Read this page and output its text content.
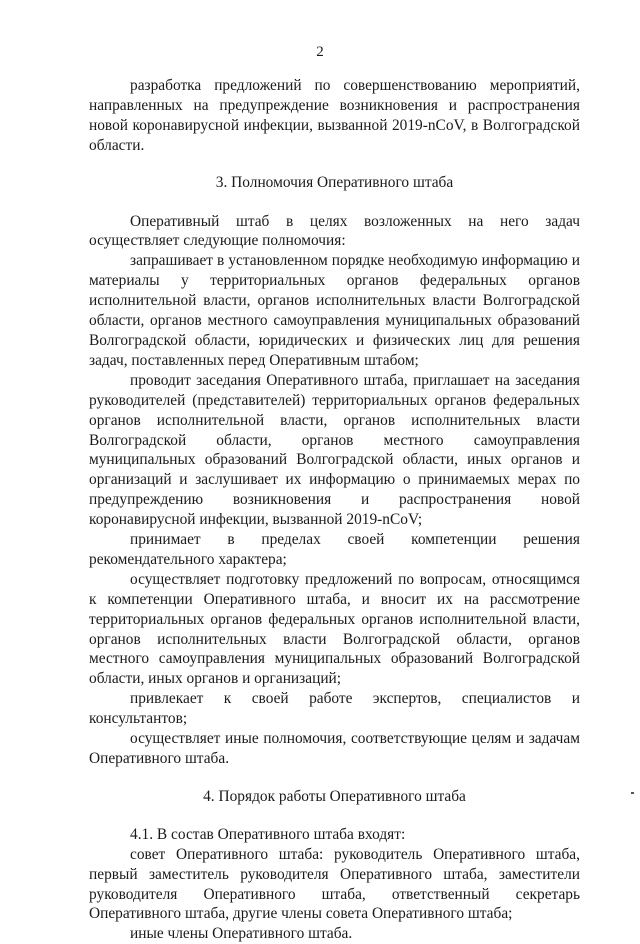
2

разработка предложений по совершенствованию мероприятий, направленных на предупреждение возникновения и распространения новой коронавирусной инфекции, вызванной 2019-nCoV, в Волгоградской области.

3. Полномочия Оперативного штаба

Оперативный штаб в целях возложенных на него задач осуществляет следующие полномочия:

запрашивает в установленном порядке необходимую информацию и материалы у территориальных органов федеральных органов исполнительной власти, органов исполнительных власти Волгоградской области, органов местного самоуправления муниципальных образований Волгоградской области, юридических и физических лиц для решения задач, поставленных перед Оперативным штабом;

проводит заседания Оперативного штаба, приглашает на заседания руководителей (представителей) территориальных органов федеральных органов исполнительной власти, органов исполнительных власти Волгоградской области, органов местного самоуправления муниципальных образований Волгоградской области, иных органов и организаций и заслушивает их информацию о принимаемых мерах по предупреждению возникновения и распространения новой коронавирусной инфекции, вызванной 2019-nCoV;

принимает в пределах своей компетенции решения рекомендательного характера;

осуществляет подготовку предложений по вопросам, относящимся к компетенции Оперативного штаба, и вносит их на рассмотрение территориальных органов федеральных органов исполнительной власти, органов исполнительных власти Волгоградской области, органов местного самоуправления муниципальных образований Волгоградской области, иных органов и организаций;

привлекает к своей работе экспертов, специалистов и консультантов;

осуществляет иные полномочия, соответствующие целям и задачам Оперативного штаба.

4. Порядок работы Оперативного штаба

4.1. В состав Оперативного штаба входят:

совет Оперативного штаба: руководитель Оперативного штаба, первый заместитель руководителя Оперативного штаба, заместители руководителя Оперативного штаба, ответственный секретарь Оперативного штаба, другие члены совета Оперативного штаба;

иные члены Оперативного штаба.
